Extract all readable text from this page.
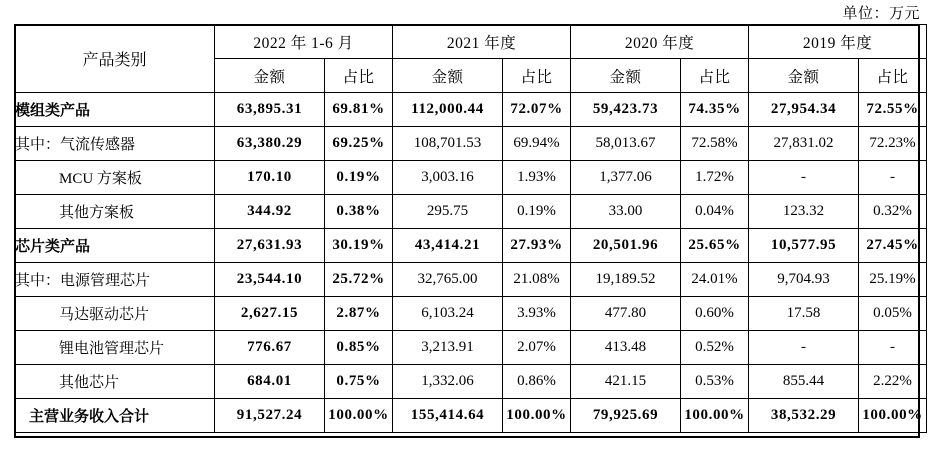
单位：万元
产品类别	2022 年 1-6 月		2021 年度		2020 年度		2019 年度	
	金额	占比	金额	占比	金额	占比	金额	占比
模组类产品	63,895.31	69.81%	112,000.44	72.07%	59,423.73	74.35%	27,954.34	72.55%
其中：气流传感器	63,380.29	69.25%	108,701.53	69.94%	58,013.67	72.58%	27,831.02	72.23%
MCU 方案板	170.10	0.19%	3,003.16	1.93%	1,377.06	1.72%	-	-
其他方案板	344.92	0.38%	295.75	0.19%	33.00	0.04%	123.32	0.32%
芯片类产品	27,631.93	30.19%	43,414.21	27.93%	20,501.96	25.65%	10,577.95	27.45%
其中：电源管理芯片	23,544.10	25.72%	32,765.00	21.08%	19,189.52	24.01%	9,704.93	25.19%
马达驱动芯片	2,627.15	2.87%	6,103.24	3.93%	477.80	0.60%	17.58	0.05%
锂电池管理芯片	776.67	0.85%	3,213.91	2.07%	413.48	0.52%	-	-
其他芯片	684.01	0.75%	1,332.06	0.86%	421.15	0.53%	855.44	2.22%
主营业务收入合计	91,527.24	100.00%	155,414.64	100.00%	79,925.69	100.00%	38,532.29	100.00%
